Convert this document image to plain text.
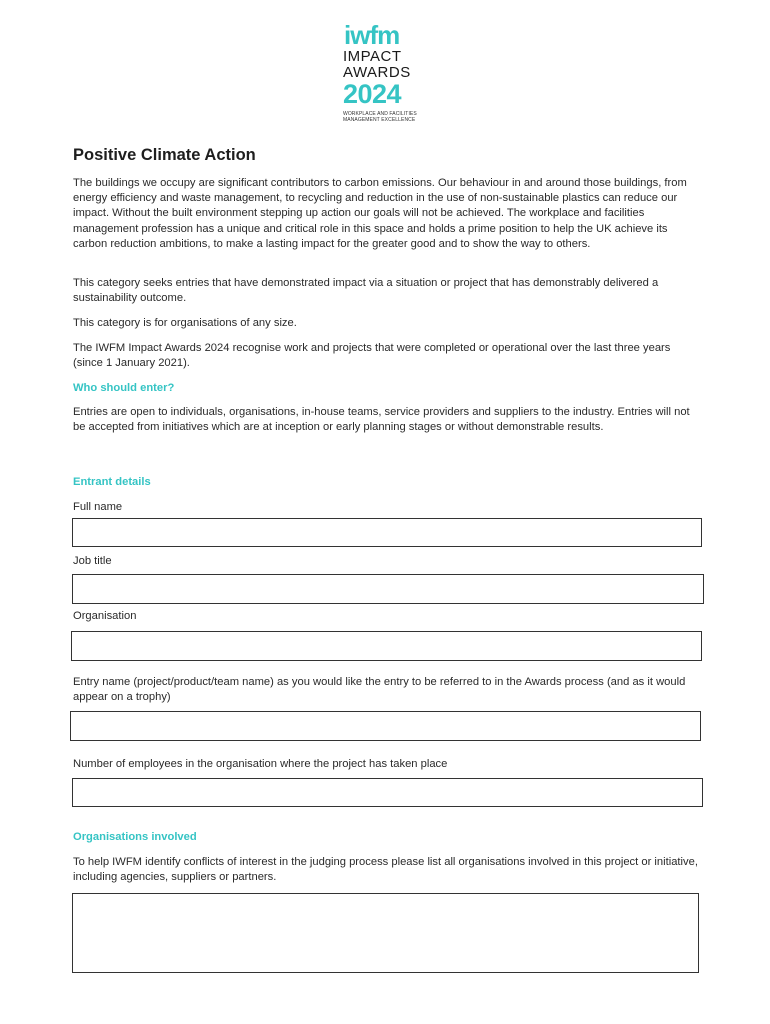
iwfm
IMPACT
AWARDS
2024
WORKPLACE AND FACILITIES MANAGEMENT EXCELLENCE
Positive Climate Action

The buildings we occupy are significant contributors to carbon emissions. Our behaviour in and around those buildings, from energy efficiency and waste management, to recycling and reduction in the use of non-sustainable plastics can reduce our impact. Without the built environment stepping up action our goals will not be achieved. The workplace and facilities management profession has a unique and critical role in this space and holds a prime position to help the UK achieve its carbon reduction ambitions, to make a lasting impact for the greater good and to show the way to others.

This category seeks entries that have demonstrated impact via a situation or project that has demonstrably delivered a sustainability outcome.

This category is for organisations of any size.

The IWFM Impact Awards 2024 recognise work and projects that were completed or operational over the last three years (since 1 January 2021).

Who should enter?

Entries are open to individuals, organisations, in-house teams, service providers and suppliers to the industry. Entries will not be accepted from initiatives which are at inception or early planning stages or without demonstrable results.

Entrant details

Full name

Job title

Organisation

Entry name (project/product/team name) as you would like the entry to be referred to in the Awards process (and as it would appear on a trophy)

Number of employees in the organisation where the project has taken place

Organisations involved

To help IWFM identify conflicts of interest in the judging process please list all organisations involved in this project or initiative, including agencies, suppliers or partners.
